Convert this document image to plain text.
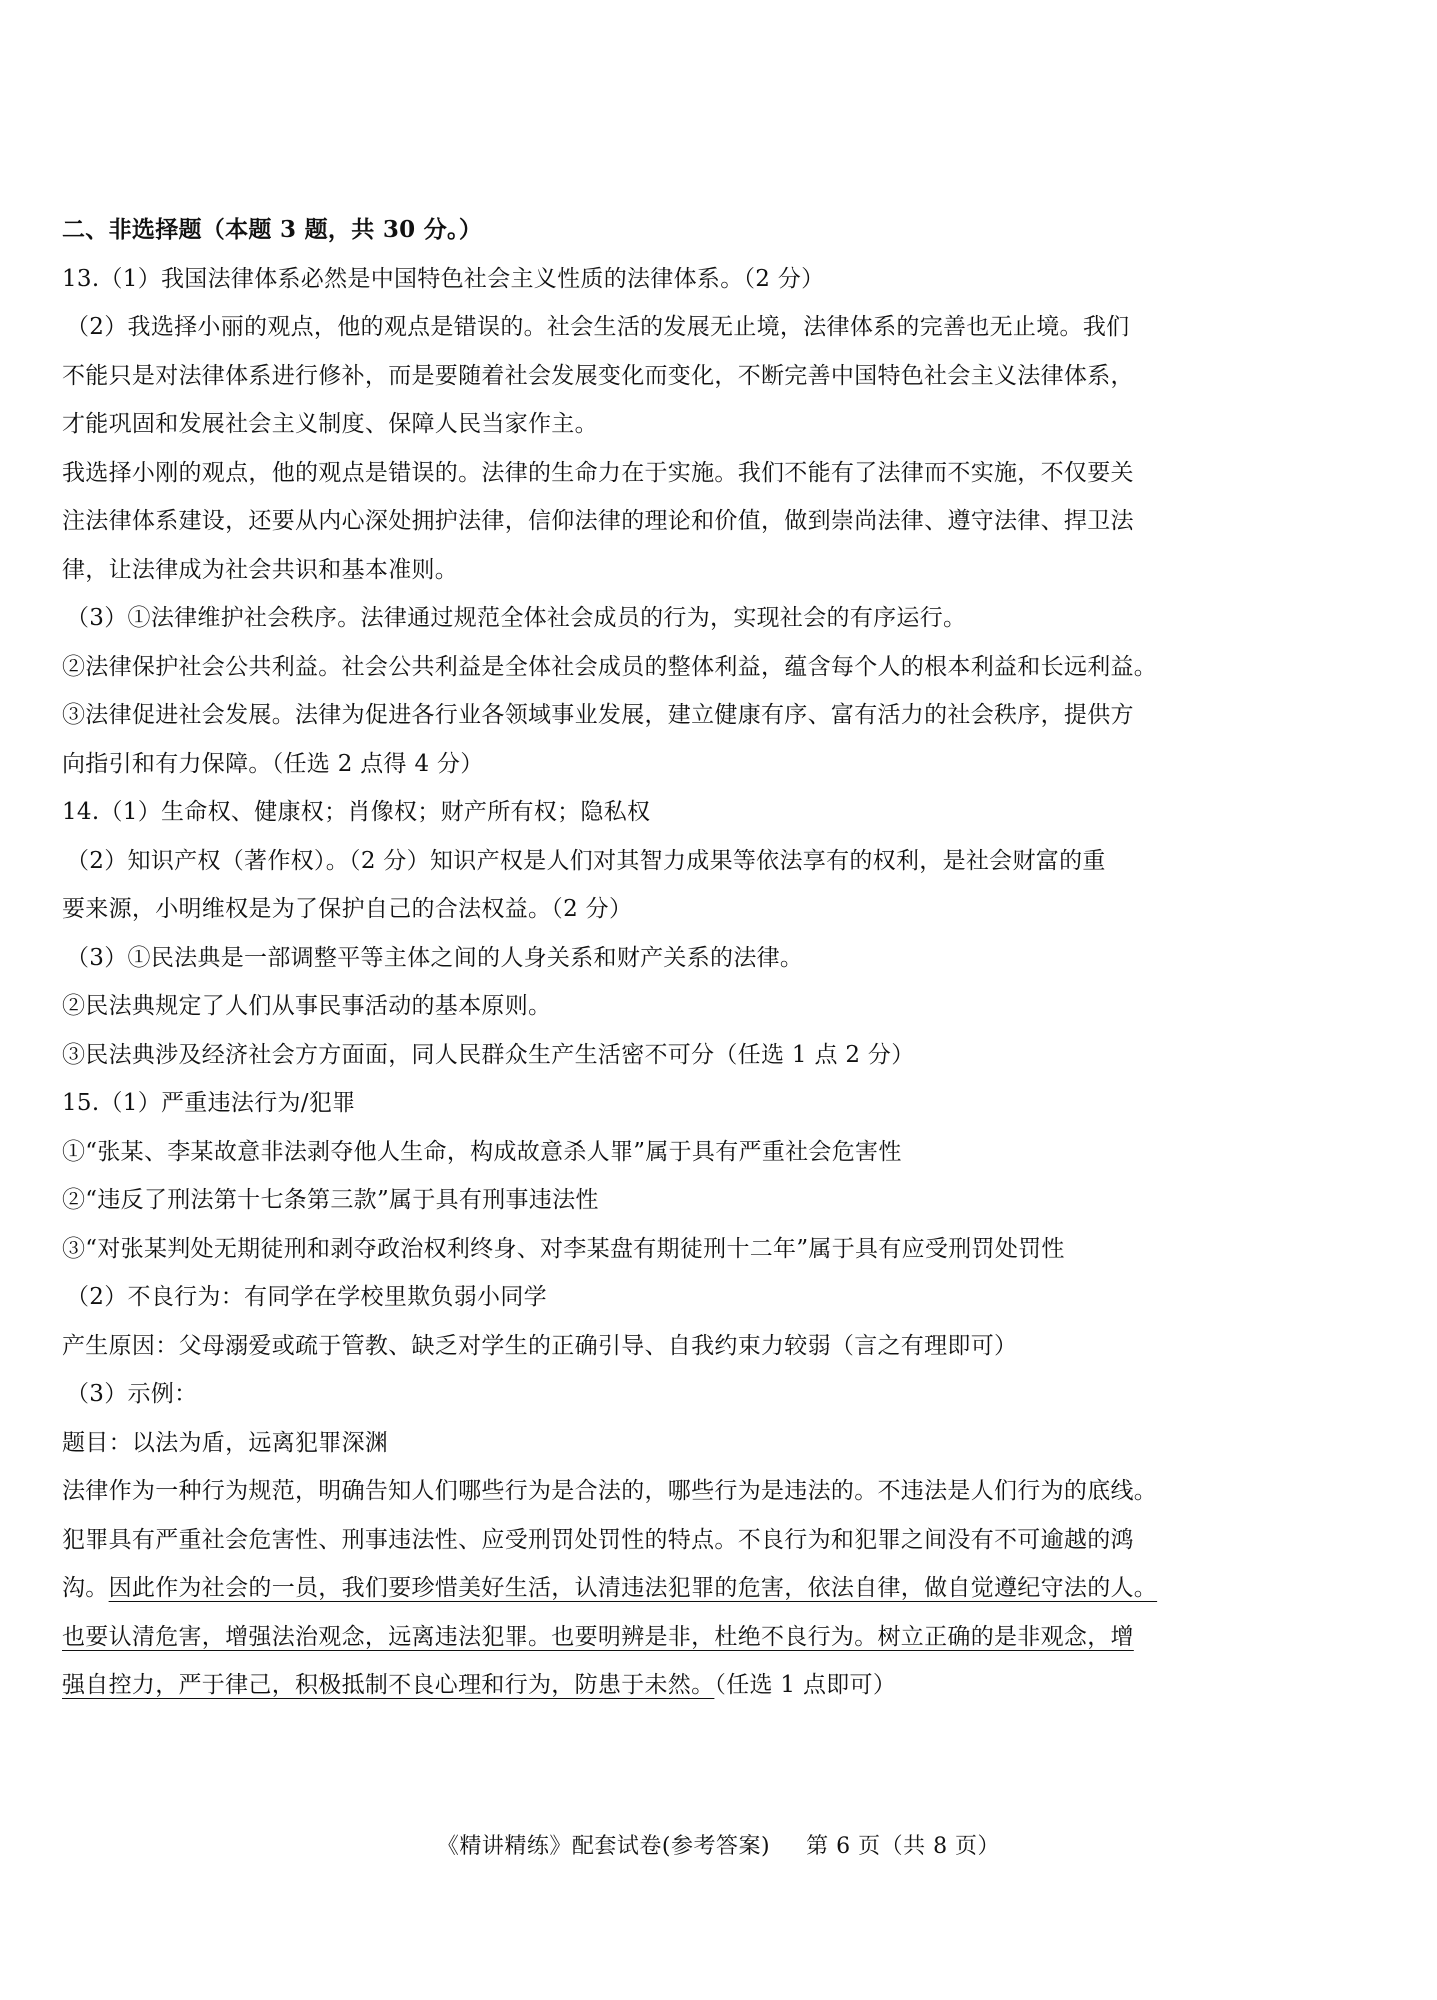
二、非选择题（本题 3 题，共 30 分。）
13.（1）我国法律体系必然是中国特色社会主义性质的法律体系。（2 分）
（2）我选择小丽的观点，他的观点是错误的。社会生活的发展无止境，法律体系的完善也无止境。我们
不能只是对法律体系进行修补，而是要随着社会发展变化而变化，不断完善中国特色社会主义法律体系，
才能巩固和发展社会主义制度、保障人民当家作主。
我选择小刚的观点，他的观点是错误的。法律的生命力在于实施。我们不能有了法律而不实施，不仅要关
注法律体系建设，还要从内心深处拥护法律，信仰法律的理论和价值，做到崇尚法律、遵守法律、捍卫法
律，让法律成为社会共识和基本准则。
（3）①法律维护社会秩序。法律通过规范全体社会成员的行为，实现社会的有序运行。
②法律保护社会公共利益。社会公共利益是全体社会成员的整体利益，蕴含每个人的根本利益和长远利益。
③法律促进社会发展。法律为促进各行业各领域事业发展，建立健康有序、富有活力的社会秩序，提供方
向指引和有力保障。（任选 2 点得 4 分）
14.（1）生命权、健康权；肖像权；财产所有权；隐私权
（2）知识产权（著作权）。（2 分）知识产权是人们对其智力成果等依法享有的权利，是社会财富的重
要来源，小明维权是为了保护自己的合法权益。（2 分）
（3）①民法典是一部调整平等主体之间的人身关系和财产关系的法律。
②民法典规定了人们从事民事活动的基本原则。
③民法典涉及经济社会方方面面，同人民群众生产生活密不可分（任选 1 点 2 分）
15.（1）严重违法行为/犯罪
①“张某、李某故意非法剥夺他人生命，构成故意杀人罪”属于具有严重社会危害性
②“违反了刑法第十七条第三款”属于具有刑事违法性
③“对张某判处无期徒刑和剥夺政治权利终身、对李某盘有期徒刑十二年”属于具有应受刑罚处罚性
（2）不良行为：有同学在学校里欺负弱小同学
产生原因：父母溺爱或疏于管教、缺乏对学生的正确引导、自我约束力较弱（言之有理即可）
（3）示例：
题目：以法为盾，远离犯罪深渊
法律作为一种行为规范，明确告知人们哪些行为是合法的，哪些行为是违法的。不违法是人们行为的底线。
犯罪具有严重社会危害性、刑事违法性、应受刑罚处罚性的特点。不良行为和犯罪之间没有不可逾越的鸿
沟。因此作为社会的一员，我们要珍惜美好生活，认清违法犯罪的危害，依法自律，做自觉遵纪守法的人。
也要认清危害，增强法治观念，远离违法犯罪。也要明辨是非，杜绝不良行为。树立正确的是非观念，增
强自控力，严于律己，积极抵制不良心理和行为，防患于未然。（任选 1 点即可）
《精讲精练》配套试卷(参考答案) 第 6 页（共 8 页）
